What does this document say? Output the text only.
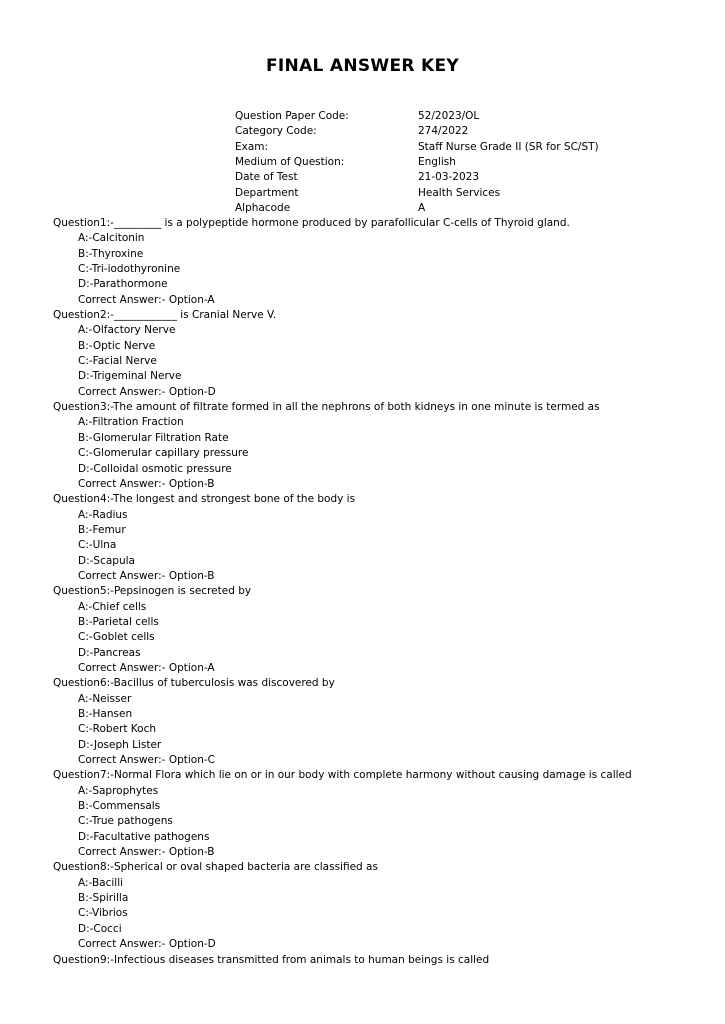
FINAL ANSWER KEY
Question Paper Code:	52/2023/OL
Category Code:	274/2022
Exam:	Staff Nurse Grade II (SR for SC/ST)
Medium of Question:	English
Date of Test	21-03-2023
Department	Health Services
Alphacode	A
Question1:-_________ is a polypeptide hormone produced by parafollicular C-cells of Thyroid gland.
A:-Calcitonin
B:-Thyroxine
C:-Tri-iodothyronine
D:-Parathormone
Correct Answer:- Option-A
Question2:-____________ is Cranial Nerve V.
A:-Olfactory Nerve
B:-Optic Nerve
C:-Facial Nerve
D:-Trigeminal Nerve
Correct Answer:- Option-D
Question3:-The amount of filtrate formed in all the nephrons of both kidneys in one minute is termed as
A:-Filtration Fraction
B:-Glomerular Filtration Rate
C:-Glomerular capillary pressure
D:-Colloidal osmotic pressure
Correct Answer:- Option-B
Question4:-The longest and strongest bone of the body is
A:-Radius
B:-Femur
C:-Ulna
D:-Scapula
Correct Answer:- Option-B
Question5:-Pepsinogen is secreted by
A:-Chief cells
B:-Parietal cells
C:-Goblet cells
D:-Pancreas
Correct Answer:- Option-A
Question6:-Bacillus of tuberculosis was discovered by
A:-Neisser
B:-Hansen
C:-Robert Koch
D:-Joseph Lister
Correct Answer:- Option-C
Question7:-Normal Flora which lie on or in our body with complete harmony without causing damage is called
A:-Saprophytes
B:-Commensals
C:-True pathogens
D:-Facultative pathogens
Correct Answer:- Option-B
Question8:-Spherical or oval shaped bacteria are classified as
A:-Bacilli
B:-Spirilla
C:-Vibrios
D:-Cocci
Correct Answer:- Option-D
Question9:-Infectious diseases transmitted from animals to human beings is called
